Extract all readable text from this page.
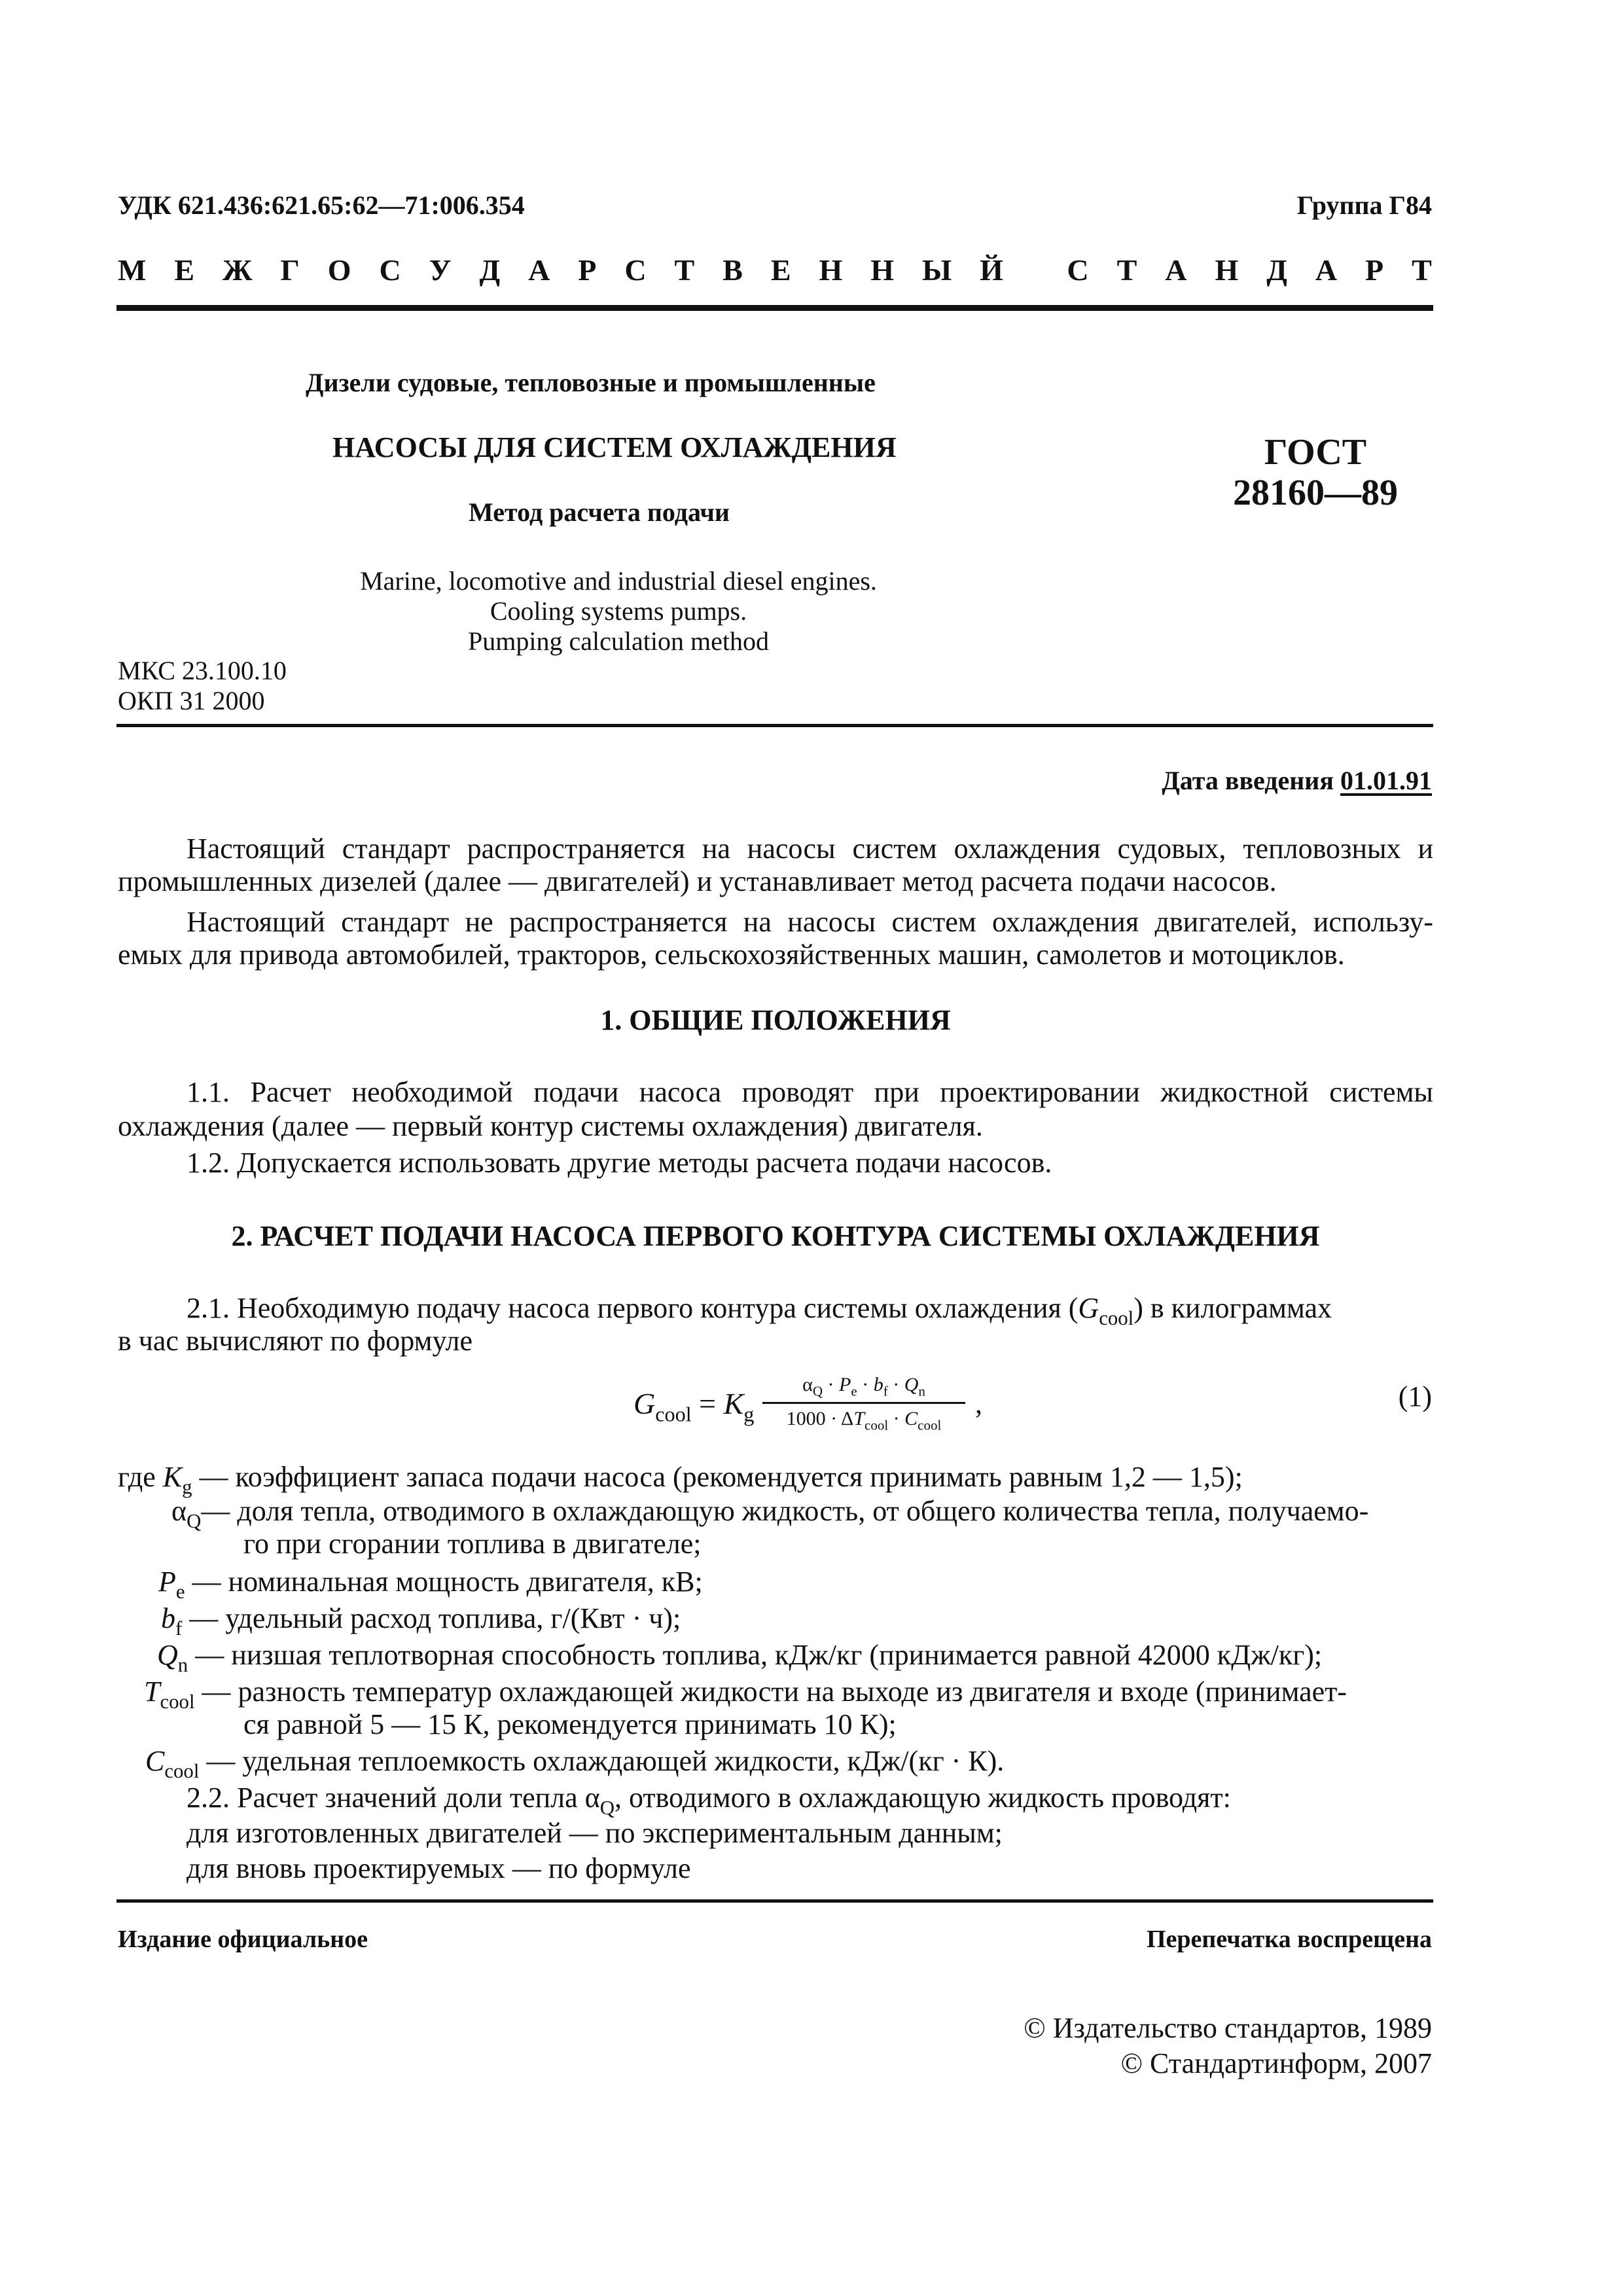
УДК 621.436:621.65:62—71:006.354	Группа Г84
М Е Ж Г О С У Д А Р С Т В Е Н Н Ы Й
С Т А Н Д А Р Т
Дизели судовые, тепловозные и промышленные
НАСОСЫ ДЛЯ СИСТЕМ ОХЛАЖДЕНИЯ
Метод расчета подачи
ГОСТ
28160—89
Marine, locomotive and industrial diesel engines.
Cooling systems pumps.
Pumping calculation method
МКС 23.100.10
ОКП 31 2000
Дата введения 01.01.91
Настоящий стандарт распространяется на насосы систем охлаждения судовых, тепловозных и
промышленных дизелей (далее — двигателей) и устанавливает метод расчета подачи насосов.
Настоящий стандарт не распространяется на насосы систем охлаждения двигателей, использу-
емых для привода автомобилей, тракторов, сельскохозяйственных машин, самолетов и мотоциклов.
1. ОБЩИЕ ПОЛОЖЕНИЯ
1.1. Расчет необходимой подачи насоса проводят при проектировании жидкостной системы
охлаждения (далее — первый контур системы охлаждения) двигателя.
1.2. Допускается использовать другие методы расчета подачи насосов.
2. РАСЧЕТ ПОДАЧИ НАСОСА ПЕРВОГО КОНТУРА СИСТЕМЫ ОХЛАЖДЕНИЯ
2.1. Необходимую подачу насоса первого контура системы охлаждения $(G_{cool})$ в килограммах
в час вычисляют по формуле
$G_{cool} = K_g$
$\alpha_Q \cdot P_e \cdot b_f \cdot Q_n$
$1000 \cdot \Delta T_{cool} \cdot C_{cool}$
,	(1)
где $K_g$ — коэффициент запаса подачи насоса (рекомендуется принимать равным 1,2 — 1,5);
$\alpha_Q—$ доля тепла, отводимого в охлаждающую жидкость, от общего количества тепла, получаемо-
го при сгорании топлива в двигателе;
$P_e$ — номинальная мощность двигателя, кВ;
$b_f$ — удельный расход топлива, г/(Квт · ч);
$Q_n$ — низшая теплотворная способность топлива, кДж/кг (принимается равной 42000 кДж/кг);
$T_{cool}$ — разность температур охлаждающей жидкости на выходе из двигателя и входе (принимает-
ся равной 5 — 15 К, рекомендуется принимать 10 К);
$C_{cool}$ — удельная теплоемкость охлаждающей жидкости, кДж/(кг · К).
2.2. Расчет значений доли тепла $\alpha_Q$, отводимого в охлаждающую жидкость проводят:
для изготовленных двигателей — по экспериментальным данным;
для вновь проектируемых — по формуле
Издание официальное	Перепечатка воспрещена
© Издательство стандартов, 1989
© Стандартинформ, 2007
